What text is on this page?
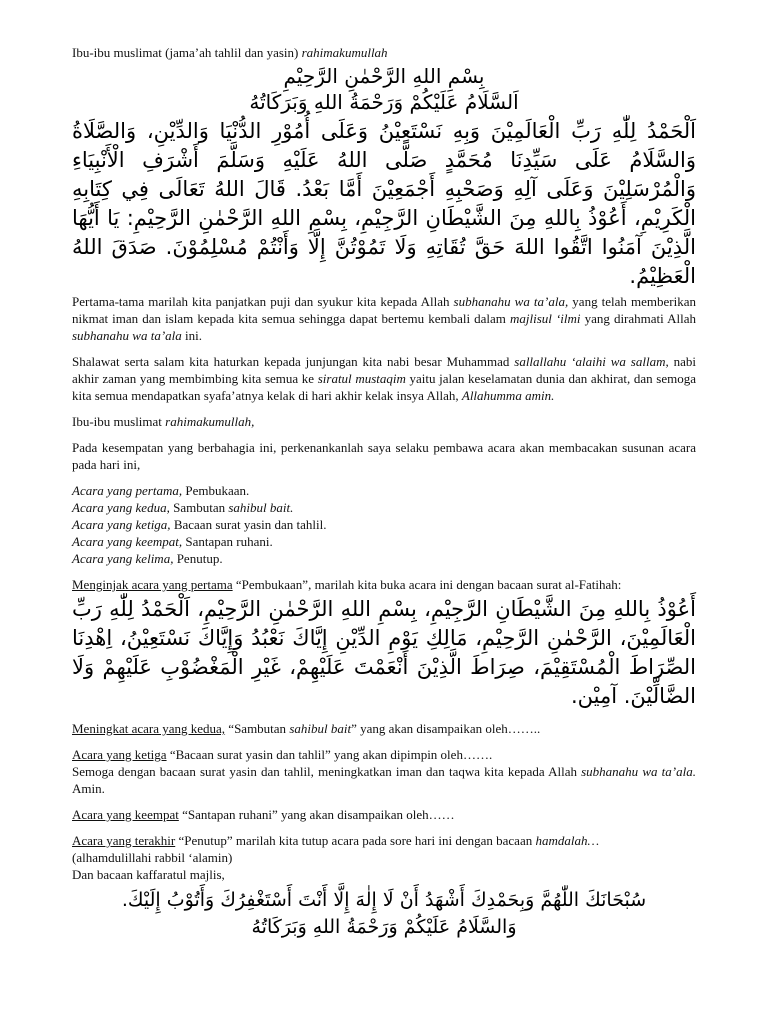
Ibu-ibu muslimat (jama’ah tahlil dan yasin) rahimakumullah

بِسْمِ اللهِ الرَّحْمٰنِ الرَّحِيْمِ
اَلسَّلَامُ عَلَيْكُمْ وَرَحْمَةُ اللهِ وَبَرَكَاتُهُ
اَلْحَمْدُ لِلّٰهِ رَبِّ الْعَالَمِيْنَ وَبِهِ نَسْتَعِيْنُ وَعَلَى أُمُوْرِ الدُّنْيَا وَالدِّيْنِ، وَالصَّلَاةُ وَالسَّلَامُ عَلَى سَيِّدِنَا مُحَمَّدٍ صَلَّى اللهُ عَلَيْهِ وَسَلَّمَ أَشْرَفِ الْأَنْبِيَاءِ وَالْمُرْسَلِيْنَ وَعَلَى آلِهِ وَصَحْبِهِ أَجْمَعِيْنَ أَمَّا بَعْدُ. قَالَ اللهُ تَعَالَى فِي كِتَابِهِ الْكَرِيْمِ، أَعُوْذُ بِاللهِ مِنَ الشَّيْطَانِ الرَّجِيْمِ، بِسْمِ اللهِ الرَّحْمٰنِ الرَّحِيْمِ: يَا أَيُّهَا الَّذِيْنَ آمَنُوا اتَّقُوا اللهَ حَقَّ تُقَاتِهِ وَلَا تَمُوْتُنَّ إِلَّا وَأَنْتُمْ مُسْلِمُوْنَ. صَدَقَ اللهُ الْعَظِيْمُ.

Pertama-tama marilah kita panjatkan puji dan syukur kita kepada Allah subhanahu wa ta’ala, yang telah memberikan nikmat iman dan islam kepada kita semua sehingga dapat bertemu kembali dalam majlisul ‘ilmi yang dirahmati Allah subhanahu wa ta’ala ini.

Shalawat serta salam kita haturkan kepada junjungan kita nabi besar Muhammad sallallahu ‘alaihi wa sallam, nabi akhir zaman yang membimbing kita semua ke siratul mustaqim yaitu jalan keselamatan dunia dan akhirat, dan semoga kita semua mendapatkan syafa’atnya kelak di hari akhir kelak insya Allah, Allahumma amin.

Ibu-ibu muslimat rahimakumullah,

Pada kesempatan yang berbahagia ini, perkenankanlah saya selaku pembawa acara akan membacakan susunan acara pada hari ini,

Acara yang pertama, Pembukaan.

Acara yang kedua, Sambutan sahibul bait.

Acara yang ketiga, Bacaan surat yasin dan tahlil.

Acara yang keempat, Santapan ruhani.

Acara yang kelima, Penutup.

Menginjak acara yang pertama “Pembukaan”, marilah kita buka acara ini dengan bacaan surat al-Fatihah:

أَعُوْذُ بِاللهِ مِنَ الشَّيْطَانِ الرَّجِيْمِ، بِسْمِ اللهِ الرَّحْمٰنِ الرَّحِيْمِ، اَلْحَمْدُ لِلّٰهِ رَبِّ الْعَالَمِيْنَ، الرَّحْمٰنِ الرَّحِيْمِ، مَالِكِ يَوْمِ الدِّيْنِ إِيَّاكَ نَعْبُدُ وَإِيَّاكَ نَسْتَعِيْنُ، اِهْدِنَا الصِّرَاطَ الْمُسْتَقِيْمَ، صِرَاطَ الَّذِيْنَ أَنْعَمْتَ عَلَيْهِمْ، غَيْرِ الْمَغْضُوْبِ عَلَيْهِمْ وَلَا الضَّالِّيْنَ. آمِيْن.

Meningkat acara yang kedua, “Sambutan sahibul bait” yang akan disampaikan oleh……..

Acara yang ketiga “Bacaan surat yasin dan tahlil” yang akan dipimpin oleh…….

Semoga dengan bacaan surat yasin dan tahlil, meningkatkan iman dan taqwa kita kepada Allah subhanahu wa ta’ala. Amin.

Acara yang keempat “Santapan ruhani” yang akan disampaikan oleh……

Acara yang terakhir “Penutup” marilah kita tutup acara pada sore hari ini dengan bacaan hamdalah…

(alhamdulillahi rabbil ‘alamin)

Dan bacaan kaffaratul majlis,

سُبْحَانَكَ اللّٰهُمَّ وَبِحَمْدِكَ أَشْهَدُ أَنْ لَا إِلٰهَ إِلَّا أَنْتَ أَسْتَغْفِرُكَ وَأَتُوْبُ إِلَيْكَ.
وَالسَّلَامُ عَلَيْكُمْ وَرَحْمَةُ اللهِ وَبَرَكَاتُهُ
